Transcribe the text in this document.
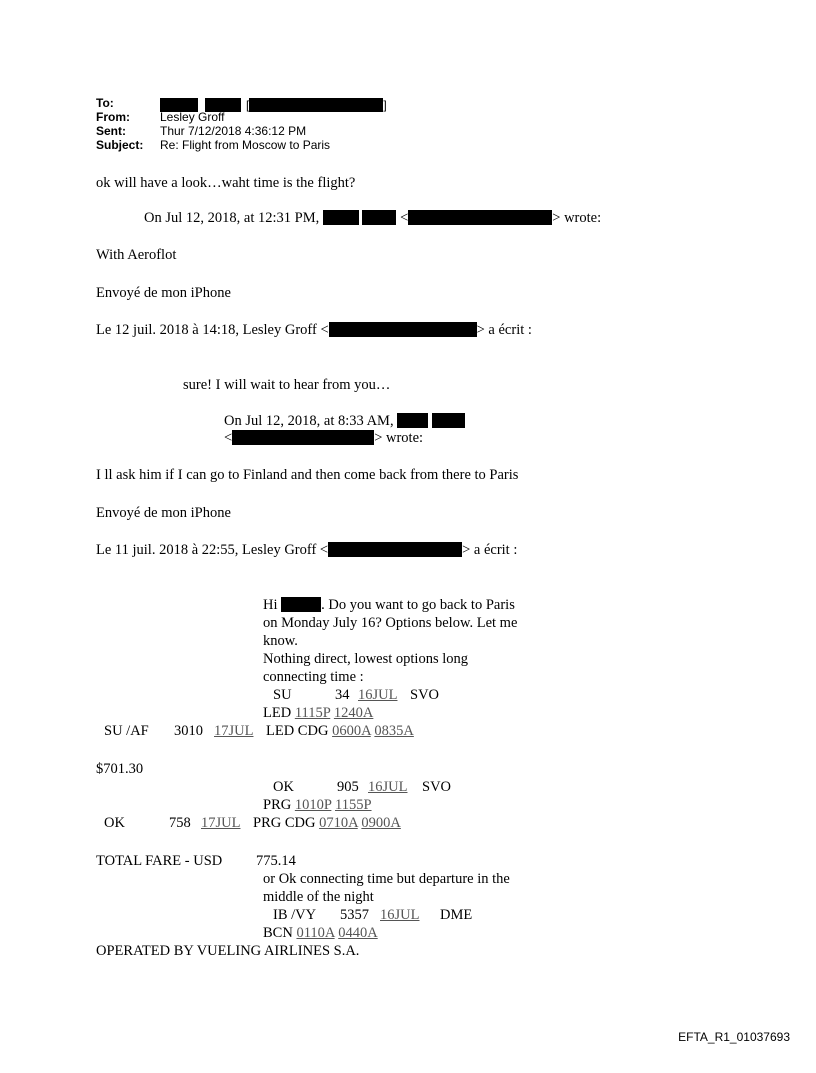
To:	[	]
From:	Lesley Groff
Sent:	Thur 7/12/2018 4:36:12 PM
Subject: Re: Flight from Moscow to Paris
ok will have a look…waht time is the flight?
On Jul 12, 2018, at 12:31 PM,	<	> wrote:
With Aeroflot
Envoyé de mon iPhone
Le 12 juil. 2018 à 14:18, Lesley Groff <	> a écrit :
sure! I will wait to hear from you…
On Jul 12, 2018, at 8:33 AM,
<	> wrote:
I ll ask him if I can go to Finland and then come back from there to Paris
Envoyé de mon iPhone
Le 11 juil. 2018 à 22:55, Lesley Groff <	> a écrit :
Hi	. Do you want to go back to Paris
on Monday July 16? Options below. Let me
know.
Nothing direct, lowest options long
connecting time :
SU	34 16JUL SVO
LED 1115P 1240A
SU /AF 3010 17JUL LED CDG 0600A 0835A
$701.30
OK	905 16JUL SVO
PRG 1010P 1155P
OK	758 17JUL PRG CDG 0710A 0900A
TOTAL FARE - USD 775.14
or Ok connecting time but departure in the
middle of the night
IB /VY 5357 16JUL DME
BCN 0110A 0440A
OPERATED BY VUELING AIRLINES S.A.
EFTA_R1_01037693
